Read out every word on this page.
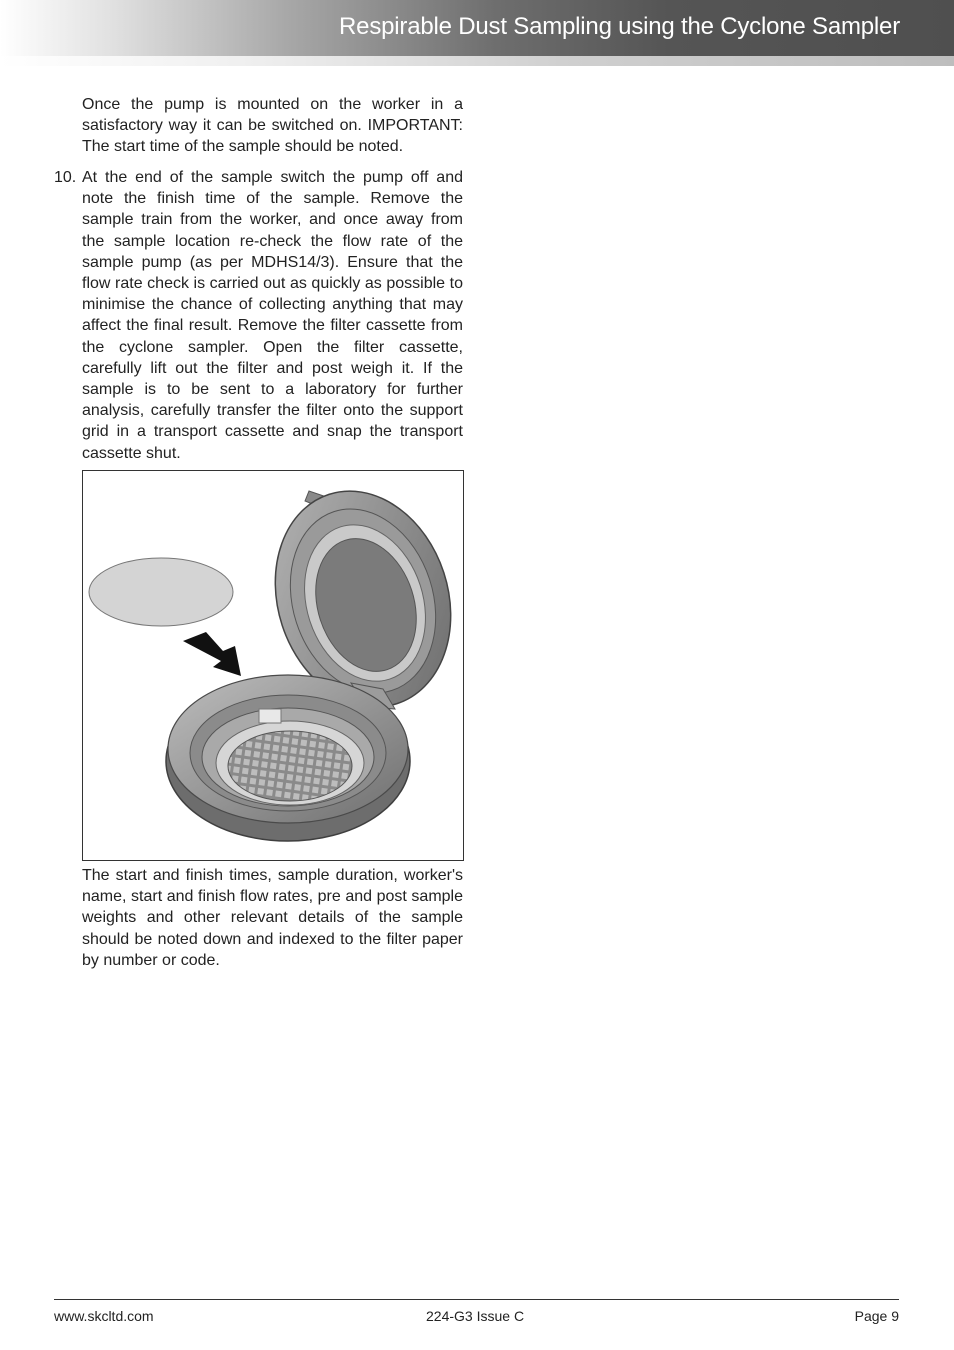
Respirable Dust Sampling using the Cyclone Sampler
Once the pump is mounted on the worker in a satisfactory way it can be switched on. IMPORTANT: The start time of the sample should be noted.
10. At the end of the sample switch the pump off and note the finish time of the sample. Remove the sample train from the worker, and once away from the sample location re-check the flow rate of the sample pump (as per MDHS14/3). Ensure that the flow rate check is carried out as quickly as possible to minimise the chance of collecting anything that may affect the final result. Remove the filter cassette from the cyclone sampler. Open the filter cassette, carefully lift out the filter and post weigh it. If the sample is to be sent to a laboratory for further analysis, carefully transfer the filter onto the support grid in a transport cassette and snap the transport cassette shut.
The start and finish times, sample duration, worker's name, start and finish flow rates, pre and post sample weights and other relevant details of the sample should be noted down and indexed to the filter paper by number or code.
www.skcltd.com	224-G3 Issue C	Page 9
